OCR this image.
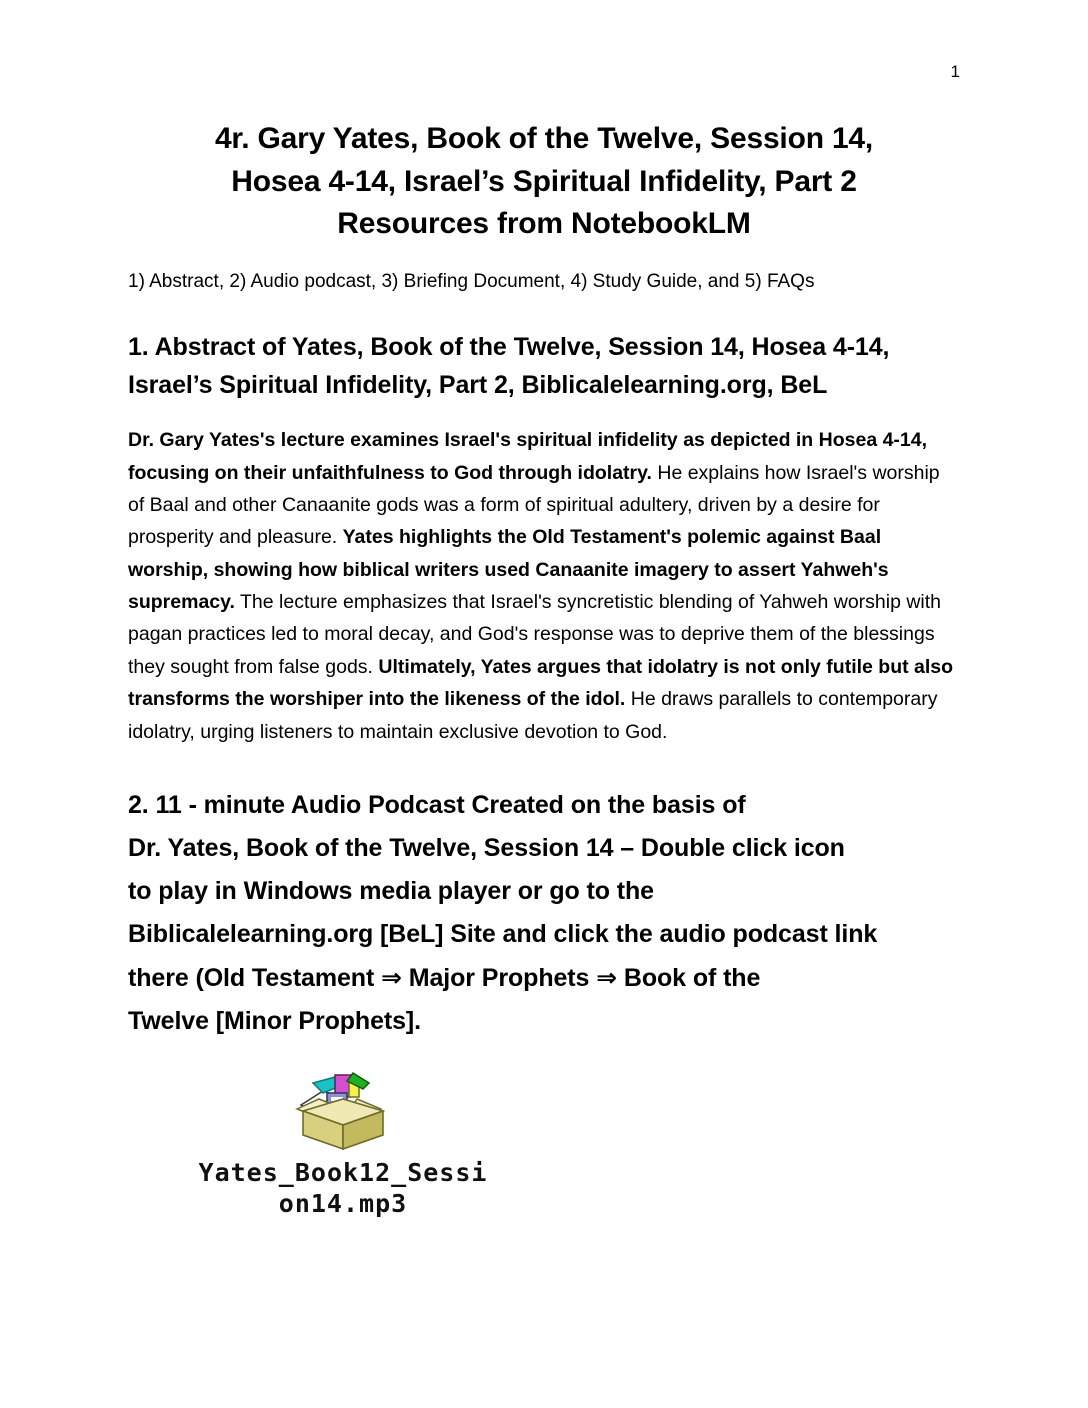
1
4r. Gary Yates, Book of the Twelve, Session 14,
Hosea 4-14, Israel’s Spiritual Infidelity, Part 2
Resources from NotebookLM
1) Abstract, 2) Audio podcast, 3) Briefing Document, 4) Study Guide, and 5) FAQs
1. Abstract of Yates, Book of the Twelve, Session 14, Hosea 4-14, Israel’s Spiritual Infidelity, Part 2, Biblicalelearning.org, BeL

Dr. Gary Yates's lecture examines Israel's spiritual infidelity as depicted in Hosea 4-14, focusing on their unfaithfulness to God through idolatry. He explains how Israel's worship of Baal and other Canaanite gods was a form of spiritual adultery, driven by a desire for prosperity and pleasure. Yates highlights the Old Testament's polemic against Baal worship, showing how biblical writers used Canaanite imagery to assert Yahweh's supremacy. The lecture emphasizes that Israel's syncretistic blending of Yahweh worship with pagan practices led to moral decay, and God's response was to deprive them of the blessings they sought from false gods. Ultimately, Yates argues that idolatry is not only futile but also transforms the worshiper into the likeness of the idol. He draws parallels to contemporary idolatry, urging listeners to maintain exclusive devotion to God.

2. 11 - minute Audio Podcast Created on the basis of
Dr. Yates, Book of the Twelve, Session 14 – Double click icon
to play in Windows media player or go to the
Biblicalelearning.org [BeL] Site and click the audio podcast link
there (Old Testament ⇒ Major Prophets ⇒ Book of the
Twelve [Minor Prophets].
Yates_Book12_Sessi
on14.mp3
